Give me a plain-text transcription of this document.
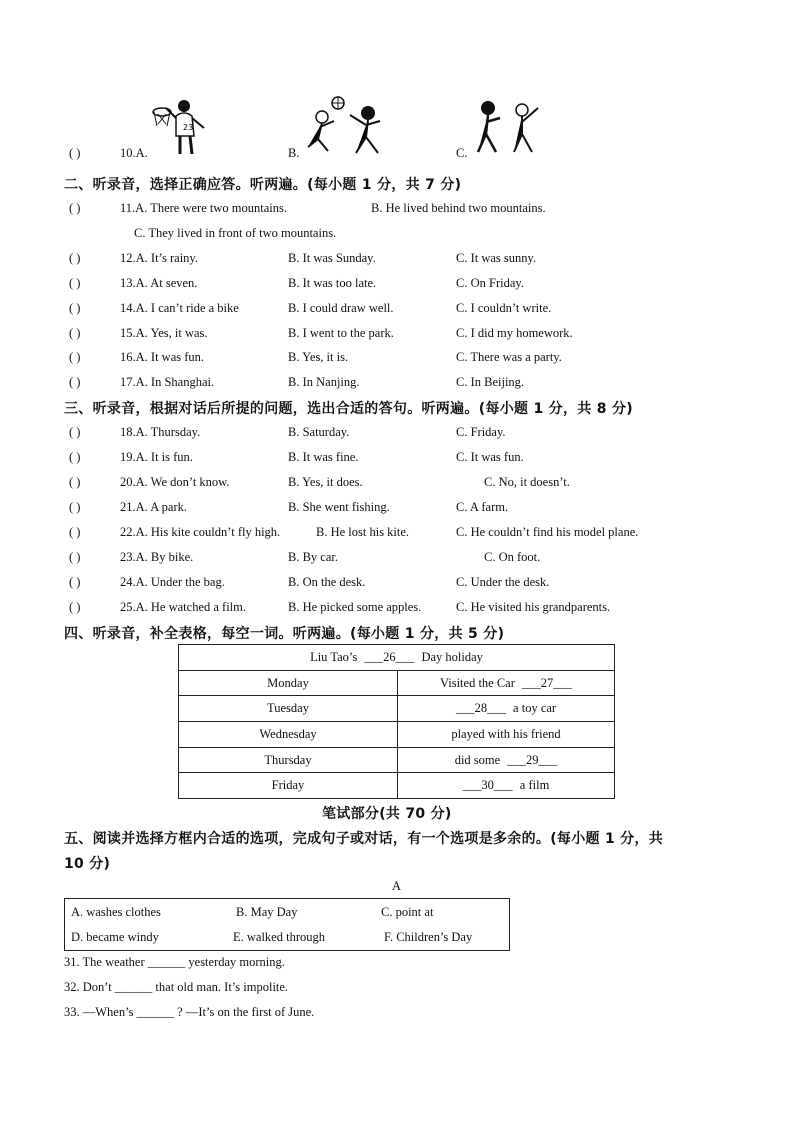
23
( )	10.A.	B.	C.
二、听录音，选择正确应答。听两遍。(每小题 1 分，共 7 分)
( )	11.A. There were two mountains.	B. He lived behind two mountains.
C. They lived in front of two mountains.
( )	12.A. It’s rainy.	B. It was Sunday.	C. It was sunny.
( )	13.A. At seven.	B. It was too late.	C. On Friday.
( )	14.A. I can’t ride a bike	B. I could draw well.	C. I couldn’t write.
( )	15.A. Yes, it was.	B. I went to the park.	C. I did my homework.
( )	16.A. It was fun.	B. Yes, it is.	C. There was a party.
( )	17.A. In Shanghai.	B. In Nanjing.	C. In Beijing.
三、听录音，根据对话后所提的问题，选出合适的答句。听两遍。(每小题 1 分，共 8 分)
( )	18.A. Thursday.	B. Saturday.	C. Friday.
( )	19.A. It is fun.	B. It was fine.	C. It was fun.
( )	20.A. We don’t know.	B. Yes, it does.	C. No, it doesn’t.
( )	21.A. A park.	B. She went fishing.	C. A farm.
( )	22.A. His kite couldn’t fly high.	B. He lost his kite.	C. He couldn’t find his model plane.
( )	23.A. By bike.	B. By car.	C. On foot.
( )	24.A. Under the bag.	B. On the desk.	C. Under the desk.
( )	25.A. He watched a film.	B. He picked some apples.	C. He visited his grandparents.
四、听录音，补全表格，每空一词。听两遍。(每小题 1 分，共 5 分)
Liu Tao’s ___26___ Day holiday	
Monday	Visited the Car ___27___
Tuesday	___28___ a toy car
Wednesday	played with his friend
Thursday	did some ___29___
Friday	___30___ a film
笔试部分(共 70 分)
五、阅读并选择方框内合适的选项，完成句子或对话，有一个选项是多余的。(每小题 1 分，共
10 分)
A
A. washes clothes	B. May Day	C. point at
D. became windy	E. walked through	F. Children’s Day
31. The weather ______ yesterday morning.
32. Don’t ______ that old man. It’s impolite.
33. —When’s ______ ? —It’s on the first of June.
